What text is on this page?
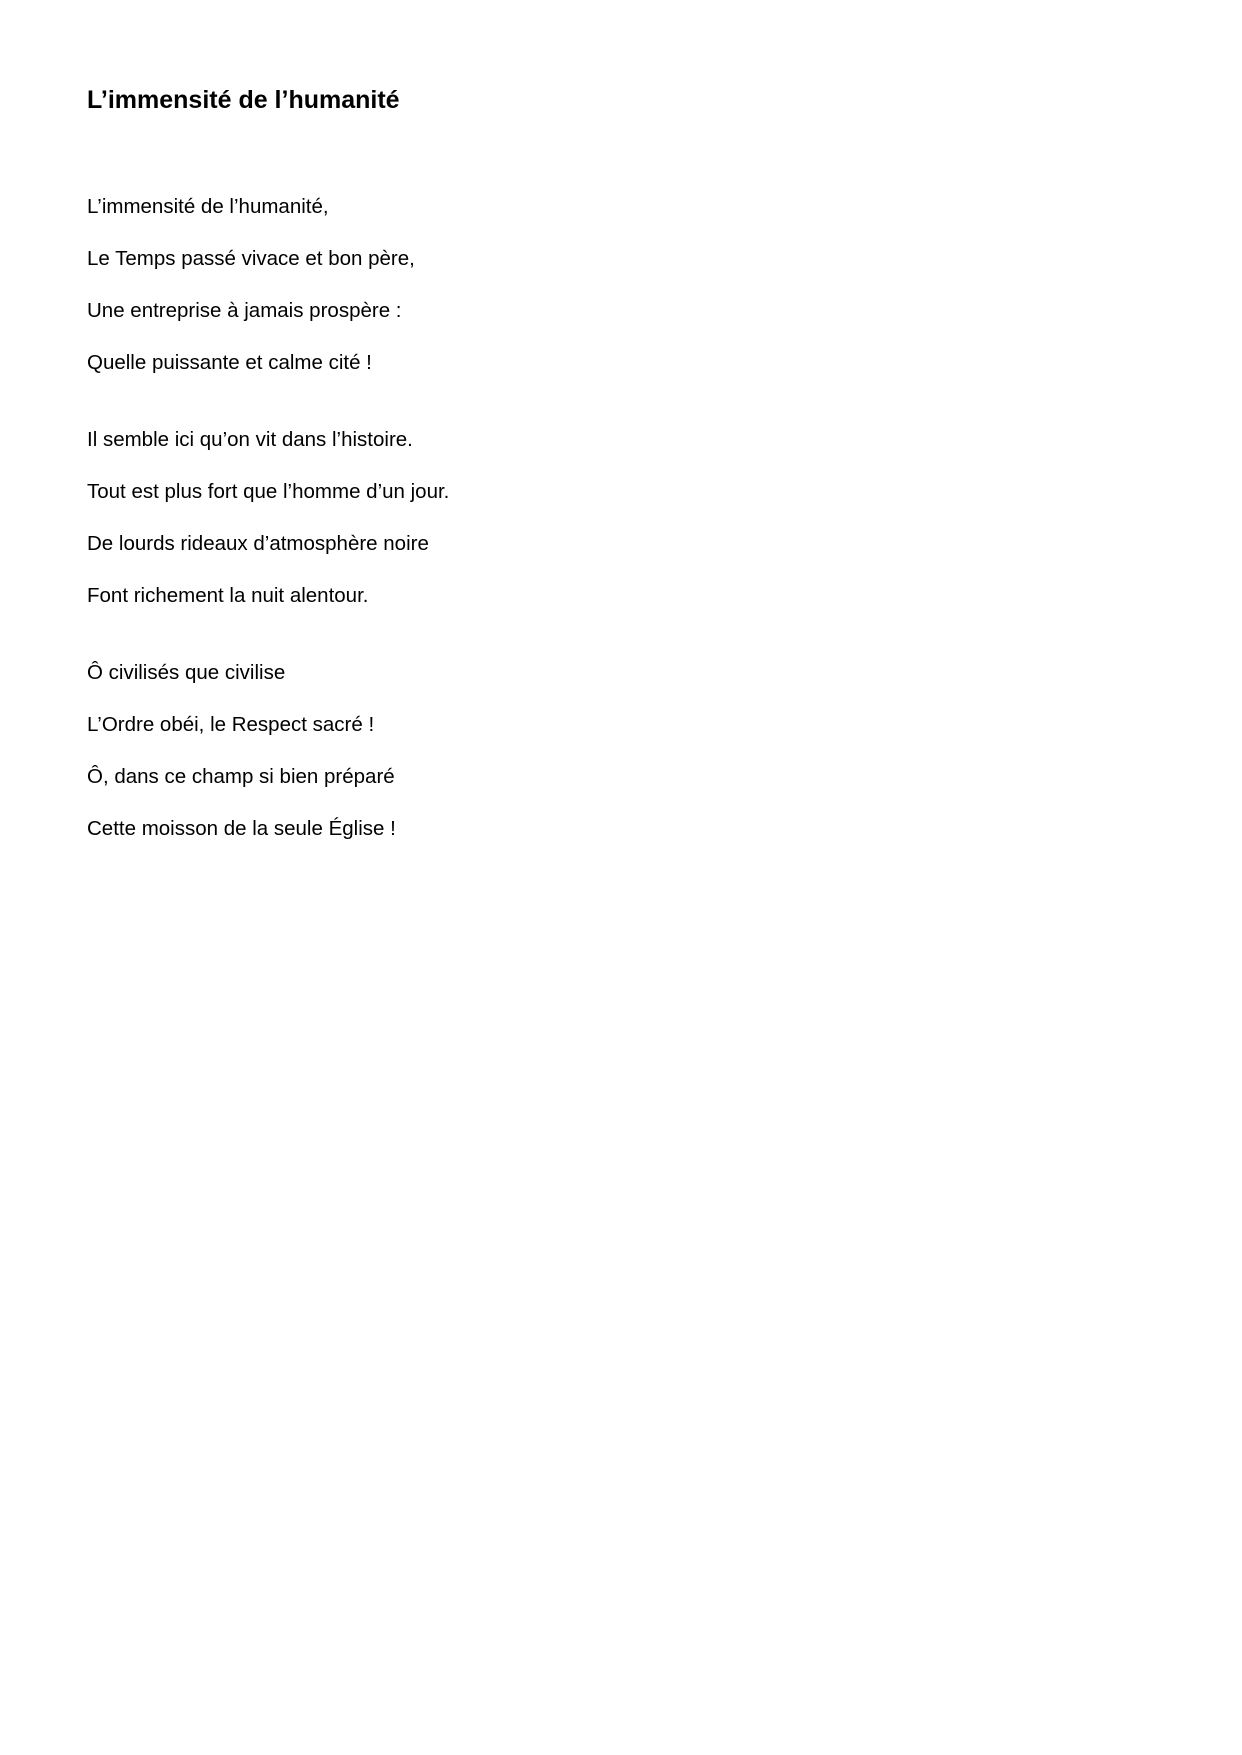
L’immensité de l’humanité
L’immensité de l’humanité,
Le Temps passé vivace et bon père,
Une entreprise à jamais prospère :
Quelle puissante et calme cité !
Il semble ici qu’on vit dans l’histoire.
Tout est plus fort que l’homme d’un jour.
De lourds rideaux d’atmosphère noire
Font richement la nuit alentour.
Ô civilisés que civilise
L’Ordre obéi, le Respect sacré !
Ô, dans ce champ si bien préparé
Cette moisson de la seule Église !
